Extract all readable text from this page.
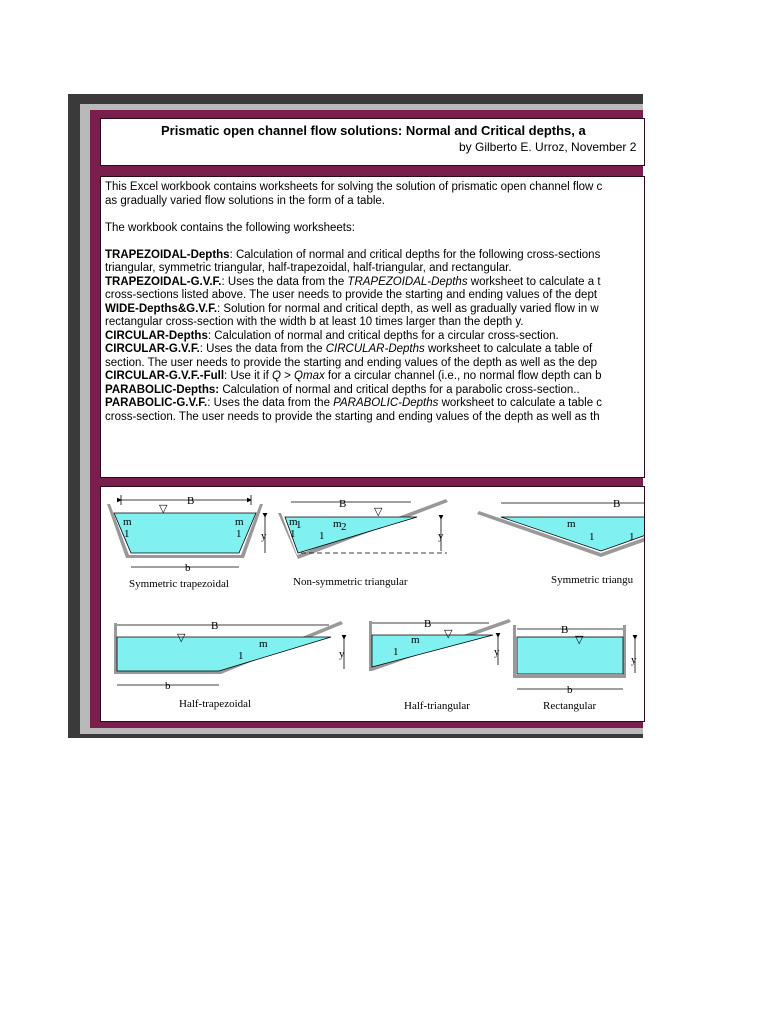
Prismatic open channel flow solutions: Normal and Critical depths, a
by Gilberto E. Urroz, November 2

This Excel workbook contains worksheets for solving the solution of prismatic open channel flow c

as gradually varied flow solutions in the form of a table.

The workbook contains the following worksheets:

TRAPEZOIDAL-Depths: Calculation of normal and critical depths for the following cross-sections

triangular, symmetric triangular, half-trapezoidal, half-triangular, and rectangular.

TRAPEZOIDAL-G.V.F.: Uses the data from the TRAPEZOIDAL-Depths worksheet to calculate a t

cross-sections listed above. The user needs to provide the starting and ending values of the dept

WIDE-Depths&G.V.F.: Solution for normal and critical depth, as well as gradually varied flow in w

rectangular cross-section with the width b at least 10 times larger than the depth y.

CIRCULAR-Depths: Calculation of normal and critical depths for a circular cross-section.

CIRCULAR-G.V.F.: Uses the data from the CIRCULAR-Depths worksheet to calculate a table of

section. The user needs to provide the starting and ending values of the depth as well as the dep

CIRCULAR-G.V.F.-Full: Use it if Q > Qmax for a circular channel (i.e., no normal flow depth can b

PARABOLIC-Depths: Calculation of normal and critical depths for a parabolic cross-section..

PARABOLIC-G.V.F.: Uses the data from the PARABOLIC-Depths worksheet to calculate a table c

cross-section. The user needs to provide the starting and ending values of the depth as well as th

B
▽
m
1
m
1 y
b
Symmetric trapezoidal
B
▽
m
1
1
m 2
1	y
Non-symmetric triangular
B
m
1	1
Symmetric triangu
B
▽	m
1	y
b
Half-trapezoidal
B
▽
m
1	y
Half-triangular
B
▽
y
b
Rectangular
